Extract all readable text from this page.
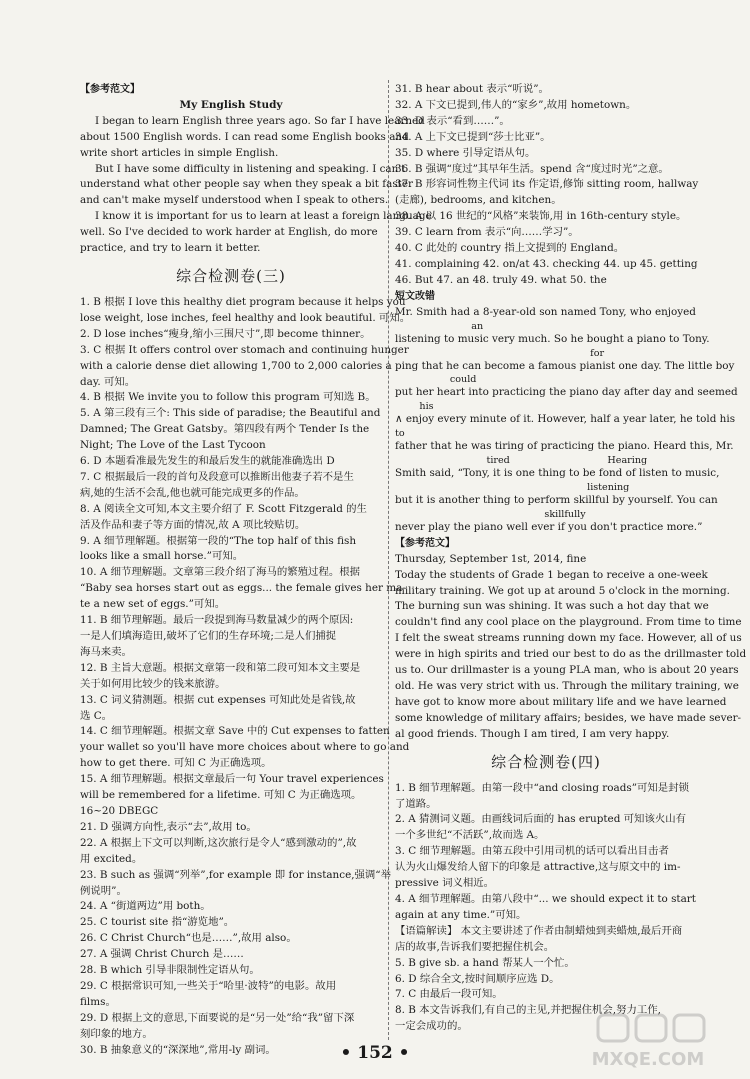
【参考范文】
My English Study
I began to learn English three years ago. So far I have learned
about 1500 English words. I can read some English books and
write short articles in simple English.
But I have some difficulty in listening and speaking. I can't
understand what other people say when they speak a bit faster
and can't make myself understood when I speak to others.
I know it is important for us to learn at least a foreign language
well. So I've decided to work harder at English, do more
practice, and try to learn it better.
综合检测卷(三)
1. B 根据 I love this healthy diet program because it helps you
lose weight, lose inches, feel healthy and look beautiful. 可知。
2. D lose inches“瘦身,缩小三围尺寸”,即 become thinner。
3. C 根据 It offers control over stomach and continuing hunger
with a calorie dense diet allowing 1,700 to 2,000 calories a
day. 可知。
4. B 根据 We invite you to follow this program 可知选 B。
5. A 第三段有三个: This side of paradise; the Beautiful and
Damned; The Great Gatsby。第四段有两个 Tender Is the
Night; The Love of the Last Tycoon
6. D 本题看准最先发生的和最后发生的就能准确选出 D
7. C 根据最后一段的首句及段意可以推断出他妻子若不是生
病,她的生活不会乱,他也就可能完成更多的作品。
8. A 阅读全文可知,本文主要介绍了 F. Scott Fitzgerald 的生
活及作品和妻子等方面的情况,故 A 项比较贴切。
9. A 细节理解题。根据第一段的“The top half of this fish
looks like a small horse.”可知。
10. A 细节理解题。文章第三段介绍了海马的繁殖过程。根据
“Baby sea horses start out as eggs... the female gives her ma-
te a new set of eggs.”可知。
11. B 细节理解题。最后一段提到海马数量减少的两个原因:
一是人们填海造田,破坏了它们的生存环境;二是人们捕捉
海马来卖。
12. B 主旨大意题。根据文章第一段和第二段可知本文主要是
关于如何用比较少的钱来旅游。
13. C 词义猜测题。根据 cut expenses 可知此处是省钱,故
选 C。
14. C 细节理解题。根据文章 Save 中的 Cut expenses to fatten
your wallet so you'll have more choices about where to go and
how to get there. 可知 C 为正确选项。
15. A 细节理解题。根据文章最后一句 Your travel experiences
will be remembered for a lifetime. 可知 C 为正确选项。
16~20 DBEGC
21. D 强调方向性,表示“去”,故用 to。
22. A 根据上下文可以判断,这次旅行是令人“感到激动的”,故
用 excited。
23. B such as 强调“列举”,for example 即 for instance,强调“举
例说明”。
24. A “街道两边”用 both。
25. C tourist site 指“游览地”。
26. C Christ Church“也是……”,故用 also。
27. A 强调 Christ Church 是……
28. B which 引导非限制性定语从句。
29. C 根据常识可知,一些关于“哈里·波特”的电影。故用
films。
29. D 根据上文的意思,下面要说的是“另一处”给“我”留下深
刻印象的地方。
30. B 抽象意义的“深深地”,常用-ly 副词。
31. B hear about 表示“听说”。
32. A 下文已提到,伟人的“家乡”,故用 hometown。
33. D 表示“看到……”。
34. A 上下文已提到“莎士比亚”。
35. D where 引导定语从句。
36. B 强调“度过”其早年生活。spend 含“度过时光”之意。
37. B 形容词性物主代词 its 作定语,修饰 sitting room, hallway
(走廊), bedrooms, and kitchen。
38. A 以 16 世纪的“风格”来装饰,用 in 16th-century style。
39. C learn from 表示“向……学习”。
40. C 此处的 country 指上文提到的 England。
41. complaining 42. on/at 43. checking 44. up 45. getting
46. But 47. an 48. truly 49. what 50. the
短文改错
Mr. Smith had a 8-year-old son named Tony, who enjoyed
an
listening to music very much. So he bought a piano to Tony.
for
ping that he can become a famous pianist one day. The little boy
could
put her heart into practicing the piano day after day and seemed
his
∧ enjoy every minute of it. However, half a year later, he told his
to
father that he was tiring of practicing the piano. Heard this, Mr.
tired                                Hearing
Smith said, “Tony, it is one thing to be fond of listen to music,
listening
but it is another thing to perform skillful by yourself. You can
skillfully
never play the piano well ever if you don't practice more.”
【参考范文】
Thursday, September 1st, 2014, fine
Today the students of Grade 1 began to receive a one-week
military training. We got up at around 5 o'clock in the morning.
The burning sun was shining. It was such a hot day that we
couldn't find any cool place on the playground. From time to time
I felt the sweat streams running down my face. However, all of us
were in high spirits and tried our best to do as the drillmaster told
us to. Our drillmaster is a young PLA man, who is about 20 years
old. He was very strict with us. Through the military training, we
have got to know more about military life and we have learned
some knowledge of military affairs; besides, we have made sever-
al good friends. Though I am tired, I am very happy.
综合检测卷(四)
1. B 细节理解题。由第一段中“and closing roads”可知是封锁
了道路。
2. A 猜测词义题。由画线词后面的 has erupted 可知该火山有
一个多世纪“不活跃”,故而选 A。
3. C 细节理解题。由第五段中引用司机的话可以看出目击者
认为火山爆发给人留下的印象是 attractive,这与原文中的 im-
pressive 词义相近。
4. A 细节理解题。由第八段中“... we should expect it to start
again at any time.”可知。
【语篇解读】 本文主要讲述了作者由制蜡烛到卖蜡烛,最后开商
店的故事,告诉我们要把握住机会。
5. B give sb. a hand 帮某人一个忙。
6. D 综合全文,按时间顺序应选 D。
7. C 由最后一段可知。
8. B 本文告诉我们,有自己的主见,并把握住机会,努力工作,
一定会成功的。
• 152 •	MXQE.COM
